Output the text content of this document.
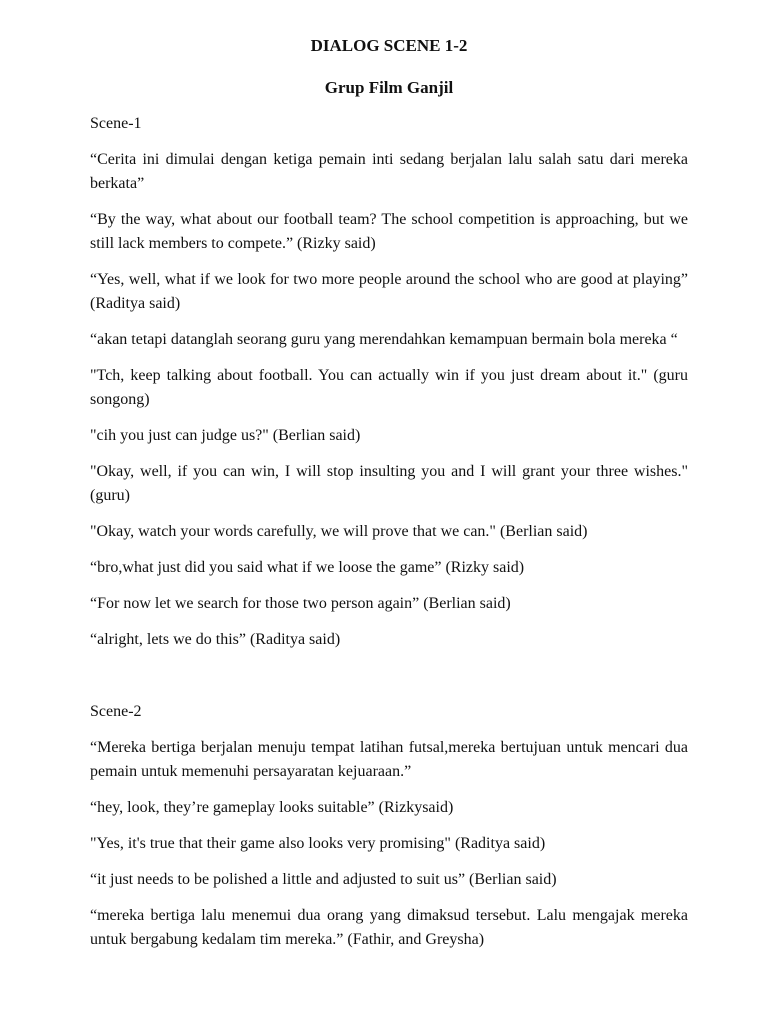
DIALOG SCENE 1-2
Grup Film Ganjil

Scene-1

“Cerita ini dimulai dengan ketiga pemain inti sedang berjalan lalu salah satu dari mereka berkata”

“By the way, what about our football team? The school competition is approaching, but we still lack members to compete.” (Rizky said)

“Yes, well, what if we look for two more people around the school who are good at playing” (Raditya said)

“akan tetapi datanglah seorang guru yang merendahkan kemampuan bermain bola mereka “

"Tch, keep talking about football. You can actually win if you just dream about it." (guru songong)

"cih you just can judge us?" (Berlian said)

"Okay, well, if you can win, I will stop insulting you and I will grant your three wishes." (guru)

"Okay, watch your words carefully, we will prove that we can." (Berlian said)

“bro,what just did you said what if we loose the game” (Rizky said)

“For now let we search for those two person again” (Berlian said)

“alright, lets we do this” (Raditya said)

Scene-2

“Mereka bertiga berjalan menuju tempat latihan futsal,mereka bertujuan untuk mencari dua pemain untuk memenuhi persayaratan kejuaraan.”

“hey, look, they’re gameplay looks suitable” (Rizkysaid)

"Yes, it's true that their game also looks very promising" (Raditya said)

“it just needs to be polished a little and adjusted to suit us” (Berlian said)

“mereka bertiga lalu menemui dua orang yang dimaksud tersebut. Lalu mengajak mereka untuk bergabung kedalam tim mereka.” (Fathir, and Greysha)
